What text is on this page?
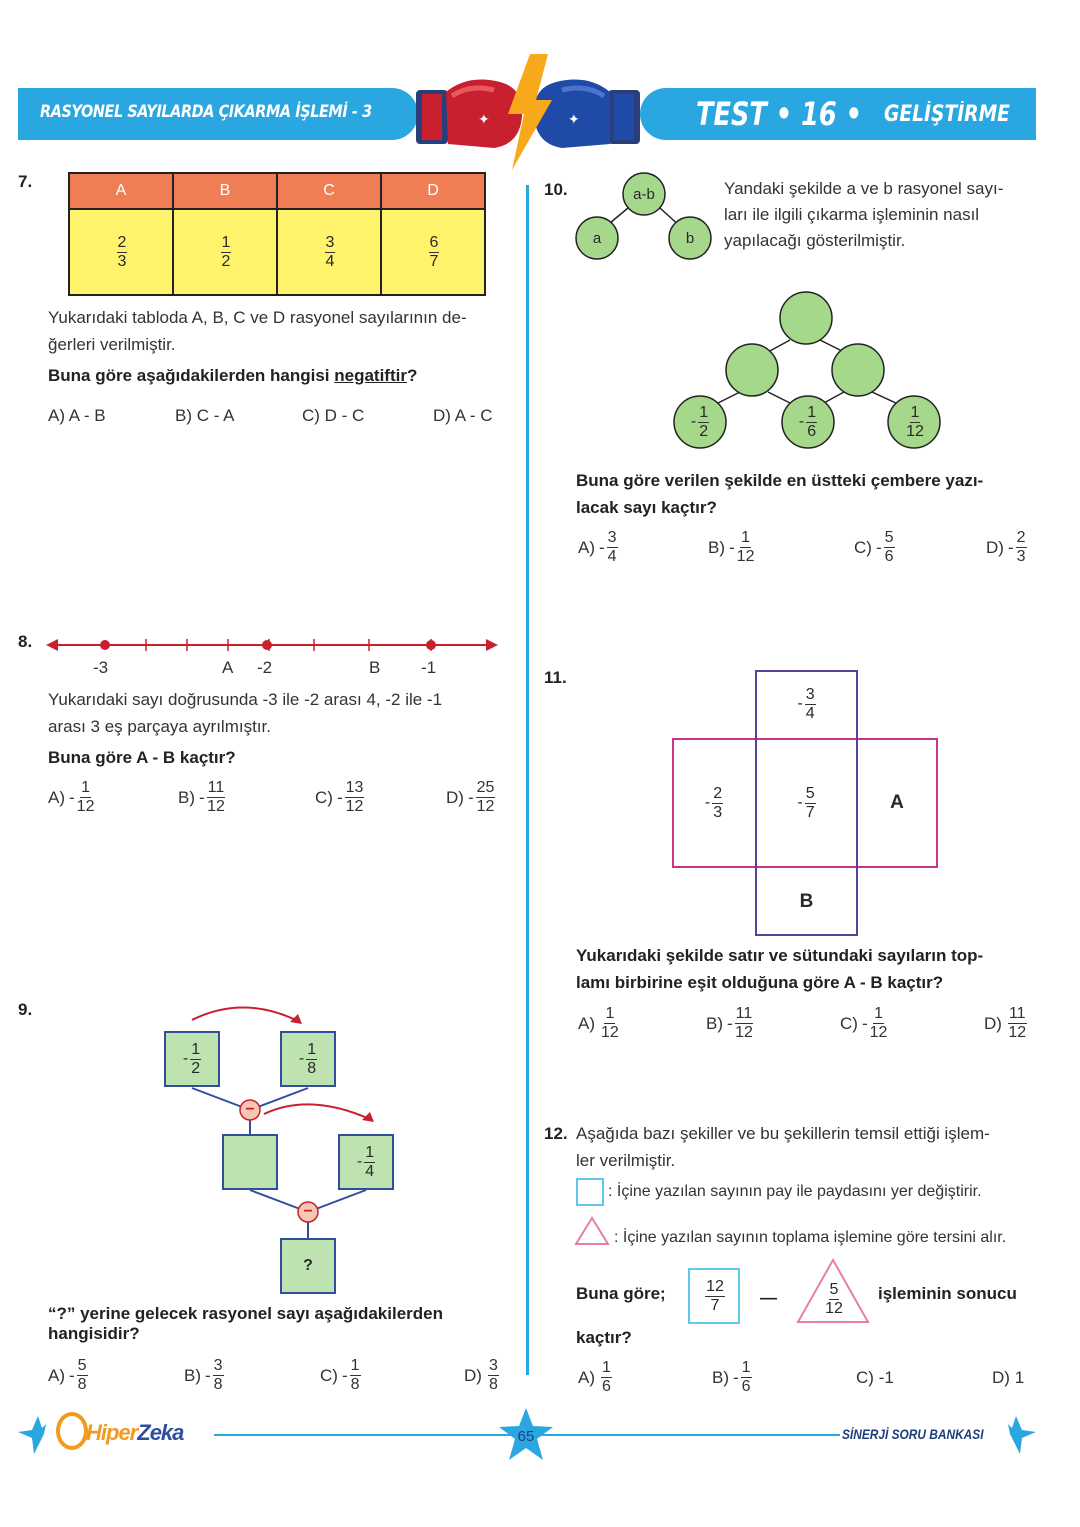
RASYONEL SAYILARDA ÇIKARMA İŞLEMİ - 3	TEST • 16 • GELİŞTİRME
✦	✦
7.	A	B	C	D

$\frac{2}{3}$	$\frac{1}{2}$	$\frac{3}{4}$	$\frac{6}{7}$
Yukarıdaki tabloda A, B, C ve D rasyonel sayılarının de-
ğerleri verilmiştir.
Buna göre aşağıdakilerden hangisi negatiftir?
A) A - B	B) C - A	C) D - C	D) A - C
8.
-3	A -2	B -1
Yukarıdaki sayı doğrusunda -3 ile -2 arası 4, -2 ile -1
arası 3 eş parçaya ayrılmıştır.
Buna göre A - B kaçtır?
$A) - \frac{1}{12}$	$B) - \frac{11}{12}$	$C) - \frac{13}{12}$	$D) - \frac{25}{12}$
9.
−
−
- $\frac{1}{2}$	- $\frac{1}{8}$
- $\frac{1}{4}$
?
“?” yerine gelecek rasyonel sayı aşağıdakilerden
hangisidir?
$A) - \frac{5}{8}$	$B) - \frac{3}{8}$	$C) - \frac{1}{8}$	$D) \frac{3}{8}$
10.	a-b
a	b
Yandaki şekilde a ve b rasyonel sayı-
ları ile ilgili çıkarma işleminin nasıl
yapılacağı gösterilmiştir.
- $\frac{1}{2}$	- $\frac{1}{6}$	$\frac{1}{12}$
Buna göre verilen şekilde en üstteki çembere yazı-
lacak sayı kaçtır?
$A) - \frac{3}{4}$	$B) - \frac{1}{12}$	$C) - \frac{5}{6}$	$D) - \frac{2}{3}$
11.
- $\frac{3}{4}$
- $\frac{2}{3}$	- $\frac{5}{7}$	A
B
Yukarıdaki şekilde satır ve sütundaki sayıların top-
lamı birbirine eşit olduğuna göre A - B kaçtır?
$A) \frac{1}{12}$	$B) - \frac{11}{12}$	$C) - \frac{1}{12}$	$D) \frac{11}{12}$
12. Aşağıda bazı şekiller ve bu şekillerin temsil ettiği işlem-
ler verilmiştir.
: İçine yazılan sayının pay ile paydasını yer değiştirir.
: İçine yazılan sayının toplama işlemine göre tersini alır.
Buna göre; $\frac{12}{7}$ —	$\frac{5}{12}$ işleminin sonucu
kaçtır?
$A) \frac{1}{6}$	$B) - \frac{1}{6}$	C)
-1	D)
1
HiperZeka	65	SİNERJİ SORU BANKASI
